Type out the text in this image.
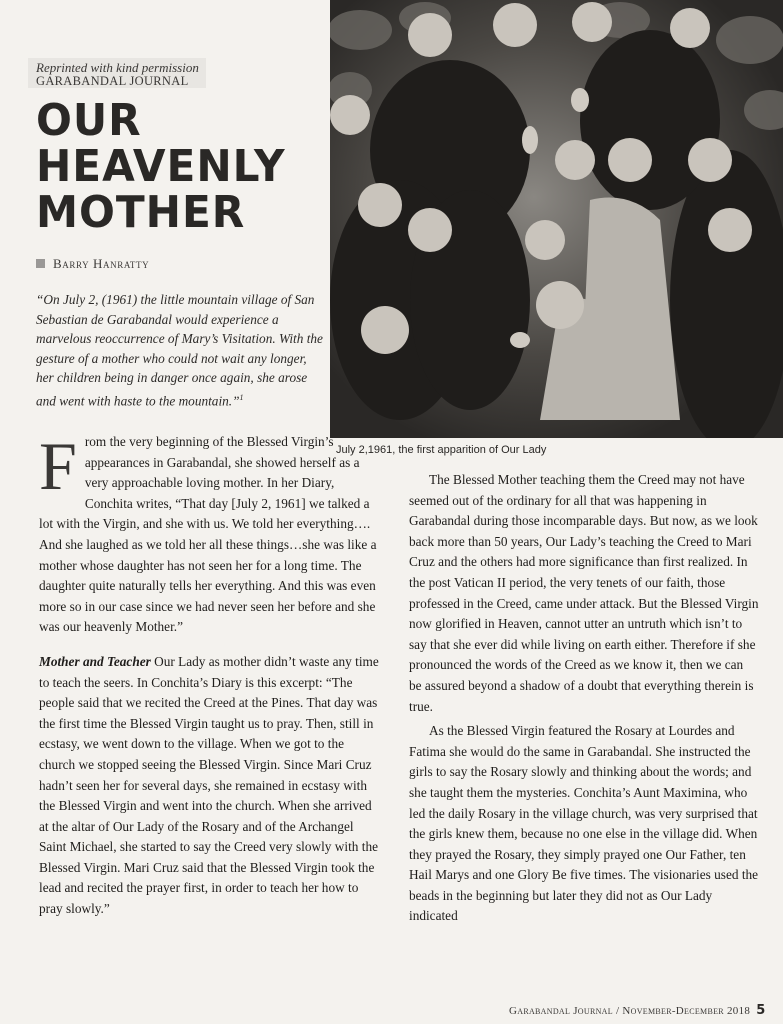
Reprinted with kind permission
GARABANDAL JOURNAL
OUR
HEAVENLY
MOTHER
Barry Hanratty
“On July 2, (1961) the little mountain village of San Sebastian de Garabandal would experience a marvelous reoccurrence of Mary’s Visitation. With the gesture of a mother who could not wait any longer, her children being in danger once again, she arose and went with haste to the mountain.”$^1$
July 2,1961, the first apparition of Our Lady

From the very beginning of the Blessed Virgin’s appearances in Garabandal, she showed herself as a very approachable loving mother. In her Diary, Conchita writes, “That day [July 2, 1961] we talked a lot with the Virgin, and she with us. We told her everything…. And she laughed as we told her all these things…she was like a mother whose daughter has not seen her for a long time. The daughter quite naturally tells her everything. And this was even more so in our case since we had never seen her before and she was our heavenly Mother.”

Mother and Teacher Our Lady as mother didn’t waste any time to teach the seers. In Conchita’s Diary is this excerpt: “The people said that we recited the Creed at the Pines. That day was the first time the Blessed Virgin taught us to pray. Then, still in ecstasy, we went down to the village. When we got to the church we stopped seeing the Blessed Virgin. Since Mari Cruz hadn’t seen her for several days, she remained in ecstasy with the Blessed Virgin and went into the church. When she arrived at the altar of Our Lady of the Rosary and of the Archangel Saint Michael, she started to say the Creed very slowly with the Blessed Virgin. Mari Cruz said that the Blessed Virgin took the lead and recited the prayer first, in order to teach her how to pray slowly.”

The Blessed Mother teaching them the Creed may not have seemed out of the ordinary for all that was happening in Garabandal during those incomparable days. But now, as we look back more than 50 years, Our Lady’s teaching the Creed to Mari Cruz and the others had more significance than first realized. In the post Vatican II period, the very tenets of our faith, those professed in the Creed, came under attack. But the Blessed Virgin now glorified in Heaven, cannot utter an untruth which isn’t to say that she ever did while living on earth either. Therefore if she pronounced the words of the Creed as we know it, then we can be assured beyond a shadow of a doubt that everything therein is true.

As the Blessed Virgin featured the Rosary at Lourdes and Fatima she would do the same in Garabandal. She instructed the girls to say the Rosary slowly and thinking about the words; and she taught them the mysteries. Conchita’s Aunt Maximina, who led the daily Rosary in the village church, was very surprised that the girls knew them, because no one else in the village did. When they prayed the Rosary, they simply prayed one Our Father, ten Hail Marys and one Glory Be five times. The visionaries used the beads in the beginning but later they did not as Our Lady indicated

Garabandal Journal / November-December 2018 5
